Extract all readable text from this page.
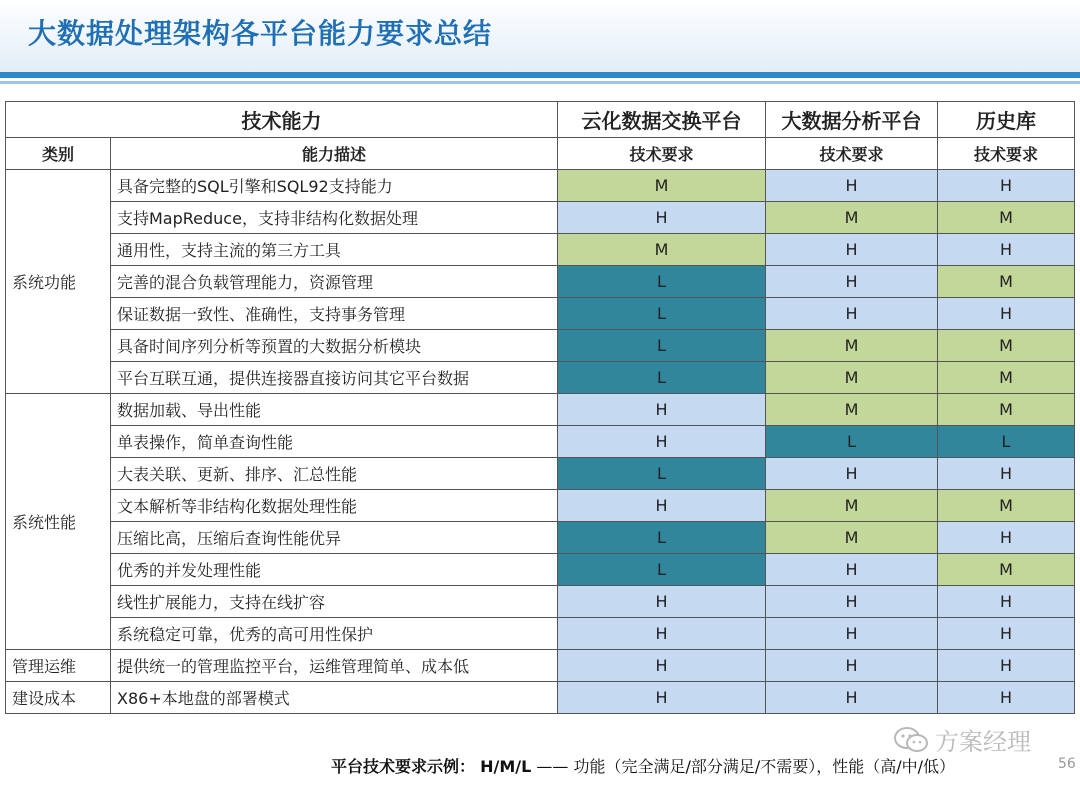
大数据处理架构各平台能力要求总结
技术能力		云化数据交换平台	大数据分析平台	历史库
类别	能力描述	技术要求	技术要求	技术要求
系统功能	具备完整的SQL引擎和SQL92支持能力	M	H	H
	支持MapReduce，支持非结构化数据处理	H	M	M
	通用性，支持主流的第三方工具	M	H	H
	完善的混合负载管理能力，资源管理	L	H	M
	保证数据一致性、准确性，支持事务管理	L	H	H
	具备时间序列分析等预置的大数据分析模块	L	M	M
	平台互联互通，提供连接器直接访问其它平台数据	L	M	M
系统性能	数据加载、导出性能	H	M	M
	单表操作，简单查询性能	H	L	L
	大表关联、更新、排序、汇总性能	L	H	H
	文本解析等非结构化数据处理性能	H	M	M
	压缩比高，压缩后查询性能优异	L	M	H
	优秀的并发处理性能	L	H	M
	线性扩展能力，支持在线扩容	H	H	H
	系统稳定可靠，优秀的高可用性保护	H	H	H
管理运维	提供统一的管理监控平台，运维管理简单、成本低	H	H	H
建设成本	X86+本地盘的部署模式	H	H	H
平台技术要求示例： H/M/L —— 功能（完全满足/部分满足/不需要），性能（高/中/低）
方案经理
56
